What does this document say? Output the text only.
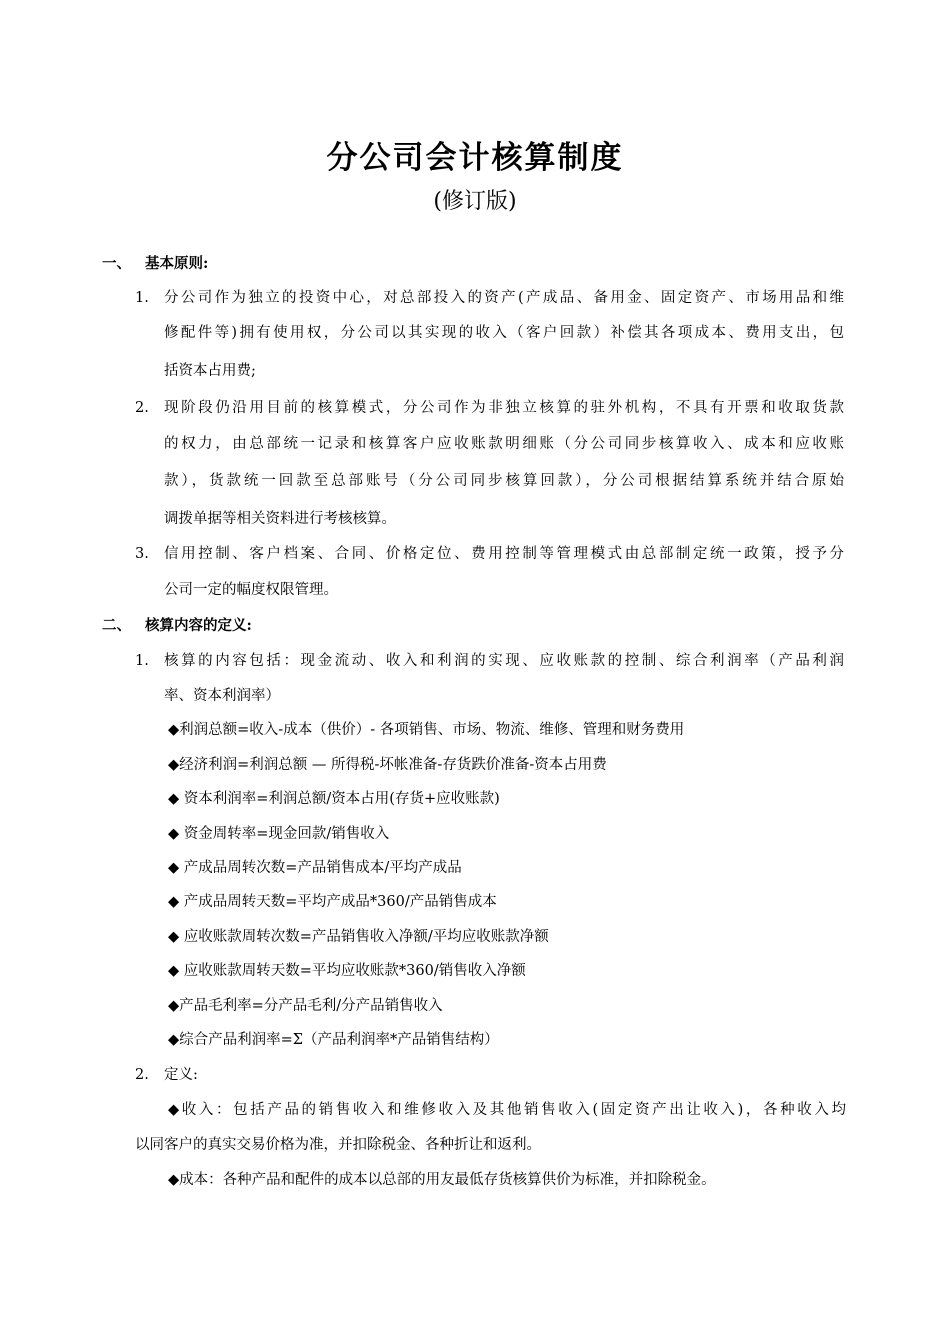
分公司会计核算制度
(修订版)
一、 基本原则:
1. 分公司作为独立的投资中心，对总部投入的资产(产成品、备用金、固定资产、市场用品和维
修配件等)拥有使用权，分公司以其实现的收入（客户回款）补偿其各项成本、费用支出，包
括资本占用费;
2. 现阶段仍沿用目前的核算模式，分公司作为非独立核算的驻外机构，不具有开票和收取货款
的权力，由总部统一记录和核算客户应收账款明细账（分公司同步核算收入、成本和应收账
款），货款统一回款至总部账号（分公司同步核算回款），分公司根据结算系统并结合原始
调拨单据等相关资料进行考核核算。
3. 信用控制、客户档案、合同、价格定位、费用控制等管理模式由总部制定统一政策，授予分
公司一定的幅度权限管理。
二、 核算内容的定义:
1. 核算的内容包括：现金流动、收入和利润的实现、应收账款的控制、综合利润率（产品利润
率、资本利润率）
◆利润总额=收入-成本（供价）- 各项销售、市场、物流、维修、管理和财务费用
◆经济利润=利润总额 — 所得税-坏帐准备-存货跌价准备-资本占用费
◆ 资本利润率=利润总额/资本占用(存货+应收账款)
◆ 资金周转率=现金回款/销售收入
◆ 产成品周转次数=产品销售成本/平均产成品
◆ 产成品周转天数=平均产成品*360/产品销售成本
◆ 应收账款周转次数=产品销售收入净额/平均应收账款净额
◆ 应收账款周转天数=平均应收账款*360/销售收入净额
◆产品毛利率=分产品毛利/分产品销售收入
◆综合产品利润率=Σ（产品利润率*产品销售结构）
2. 定义:
◆收入：包括产品的销售收入和维修收入及其他销售收入(固定资产出让收入)，各种收入均
以同客户的真实交易价格为准，并扣除税金、各种折让和返利。
◆成本：各种产品和配件的成本以总部的用友最低存货核算供价为标准，并扣除税金。
